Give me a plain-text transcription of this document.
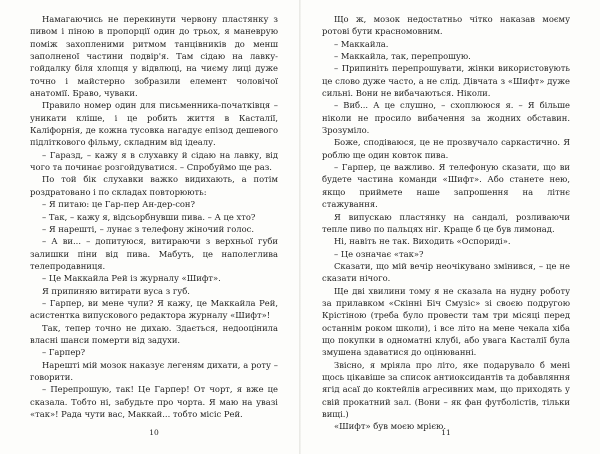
Намагаючись не перекинути червону пластянку з пивом і піною в пропорції один до трьох, я маневрую поміж захопленими ритмом танцівників до менш заполненої частини подвір'я. Там сідаю на лавку-гойдалку біля хлопця у відвлюці, на чиєму лиці дуже точно і майстерно зобразили елемент чоловічої анатомії. Браво, чуваки.

Правило номер один для письменника-початківця – уникати кліше, і це робить життя в Касталії, Каліфорнія, де кожна тусовка нагадує епізод дешевого підліткового фільму, складним від ідеалу.

– Гаразд, – кажу я в слухавку й сідаю на лавку, від чого та починає розгойдуватися. – Спробуймо ще раз.

По той бік слухавки важко видихають, а потім роздратовано і по складах повторюють:

– Я питаю: це Гар-пер Ан-дер-сон?

– Так, – кажу я, відсьорбнувши пива. – А це хто?

– Я нарешті, – лунає з телефону жіночий голос.

– А ви... – допитуюся, витираючи з верхньої губи залишки піни від пива. Мабуть, це наполеглива телепродавниця.

– Це Маккайла Рей із журналу «Шифт».

Я припиняю витирати вуса з губ.

– Гарпер, ви мене чули? Я кажу, це Маккайла Рей, асистентка випускового редактора журналу «Шифт»!

Так, тепер точно не дихаю. Здається, недооцінила власні шанси померти від задухи.

– Гарпер?

Нарешті мій мозок наказує легеням дихати, а роту – говорити.

– Перепрошую, так! Це Гарпер! От чорт, я вже це сказала. Тобто ні, забудьте про чорта. Я маю на увазі «так»! Рада чути вас, Маккай... тобто місіс Рей.

Що ж, мозок недостатньо чітко наказав моєму ротові бути красномовним.

– Маккайла.

– Маккайла, так, перепрошую.

– Припиніть перепрошувати, жінки використовують це слово дуже часто, а не слід. Дівчата з «Шифт» дуже сильні. Вони не вибачаються. Ніколи.

– Виб... А це слушно, – схоплююся я. – Я більше ніколи не просило вибачення за жодних обставин. Зрозуміло.

Боже, сподіваюся, це не прозвучало саркастично. Я роблю ще один ковток пива.

– Гарпер, це важливо. Я телефоную сказати, що ви будете частина команди «Шифт». Або станете нею, якщо приймете наше запрошення на літнє стажування.

Я випускаю пластянку на сандалі, розливаючи тепле пиво по пальцях ніг. Краще б це був лимонад.

Ні, навіть не так. Виходить «Оспориді».

– Це означає «так»?

Сказати, що мій вечір неочікувано змінився, – це не сказати нічого.

Ще дві хвилини тому я не сказала на нудну роботу за прилавком «Скінні Біч Смузіс» зі своєю подругою Крістіною (треба було провести там три місяці перед останнім роком школи), і все літо на мене чекала хіба що покупки в одноматні клубі, або увага Касталії була змушена здаватися до оцінюванні.

Звісно, я мріяла про літо, яке подарувало б мені щось цікавіше за список антиоксидантів та добавляння ягід асаї до коктейлів агресивних мам, що приходять у свій прокатний зал. (Вони – як фан футболістів, тільки вищі.)

«Шифт» був моєю мрією.

10	11
